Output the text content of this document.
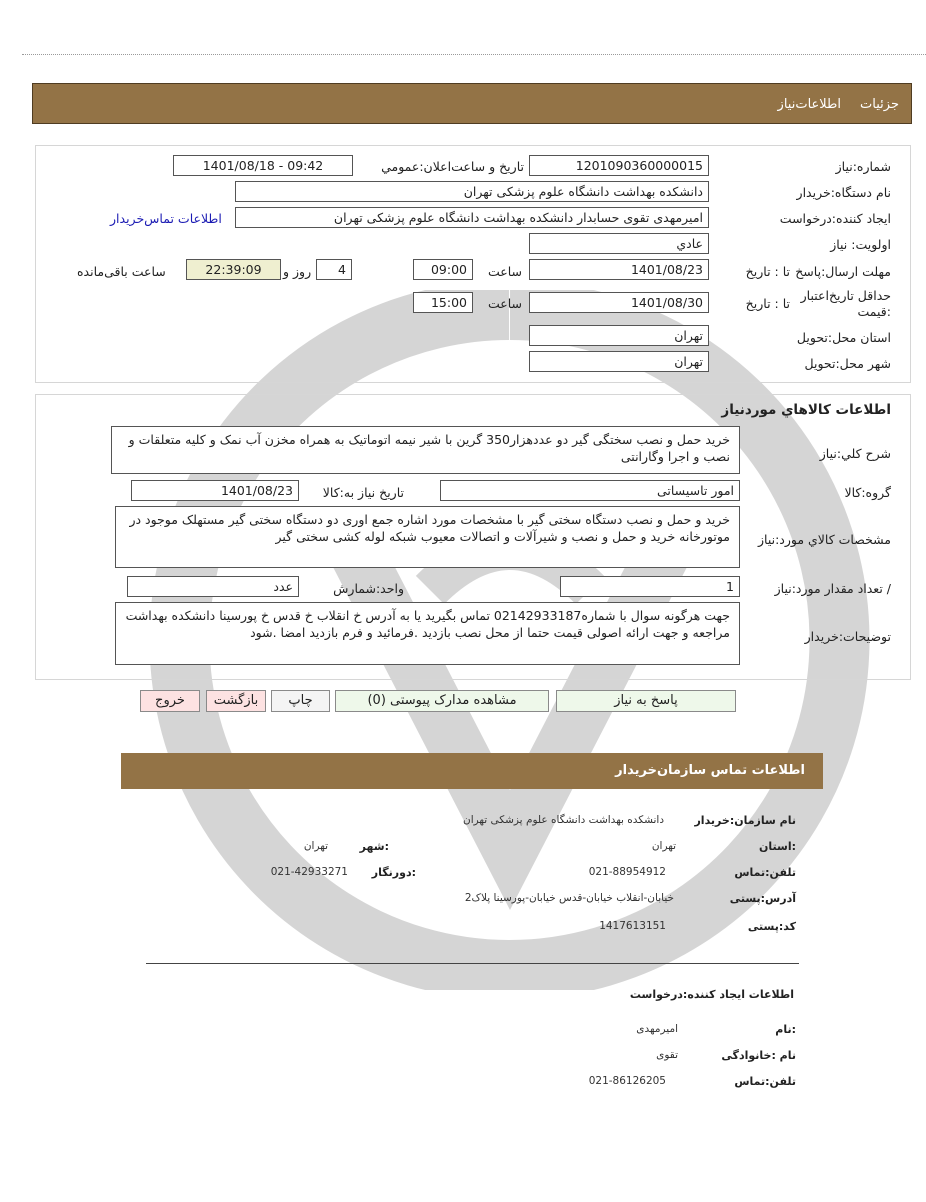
جزئیات
اطلاعات‌نیاز
شماره:نیاز
1201090360000015
تاریخ و ساعت‌اعلان:عمومي
1401/08/18 - 09:42
نام دستگاه:خریدار
دانشکده بهداشت دانشگاه علوم پزشکی تهران
ایجاد کننده:درخواست
امیرمهدی تقوی حسابدار دانشکده بهداشت دانشگاه علوم پزشکی تهران
اطلاعات تماس‌خریدار
اولویت: نیاز
عادي
مهلت ارسال:پاسخ
تا : تاریخ
1401/08/23
ساعت
09:00
4
روز و
22:39:09
ساعت باقی‌مانده
حداقل تاریخ‌اعتبار :قیمت
تا : تاریخ
1401/08/30
ساعت
15:00
استان محل:تحویل
تهران
شهر محل:تحویل
تهران
اطلاعات كالاهاي موردنياز
شرح كلي:نياز
خرید حمل و نصب سختگی گیر دو عددهزار350 گرین با شیر نیمه اتوماتیک به همراه مخزن آب نمک و کلیه متعلقات و نصب و اجرا وگارانتی
گروه:كالا
امور تاسیساتی
تاریخ نیاز به:كالا
1401/08/23
مشخصات كالاي مورد:نياز
خرید و حمل و نصب دستگاه سختی گیر با مشخصات مورد اشاره جمع اوری دو دستگاه سختی گیر مستهلک موجود در موتورخانه خرید و حمل و نصب و شیرآلات و اتصالات معیوب شبکه لوله کشی سختی گیر
/ تعداد مقدار مورد:نياز
1
واحد:شمارش
عدد
توضیحات:خریدار
جهت هرگونه سوال با شماره02142933187 تماس بگیرید یا به آدرس خ انقلاب خ قدس خ پورسینا دانشکده بهداشت مراجعه و جهت ارائه اصولی قیمت حتما از محل نصب بازدید .فرمائید و فرم بازدید امضا .شود
پاسخ به نیاز
مشاهده مدارک پیوستی (0)
چاپ
بازگشت
خروج
اطلاعات تماس سازمان‌خریدار
نام سازمان:خریدار
دانشکده بهداشت دانشگاه علوم پزشکی تهران
:استان
تهران
:شهر
تهران
تلفن:تماس
021-88954912
:دورنگار
021-42933271
آدرس:پستی
خیابان-انقلاب خیابان-قدس خیابان-پورسینا پلاک2
کد:پستی
1417613151
اطلاعات ایجاد کننده:درخواست
:نام
امیرمهدی
نام :خانوادگی
تقوی
تلفن:تماس
021-86126205
